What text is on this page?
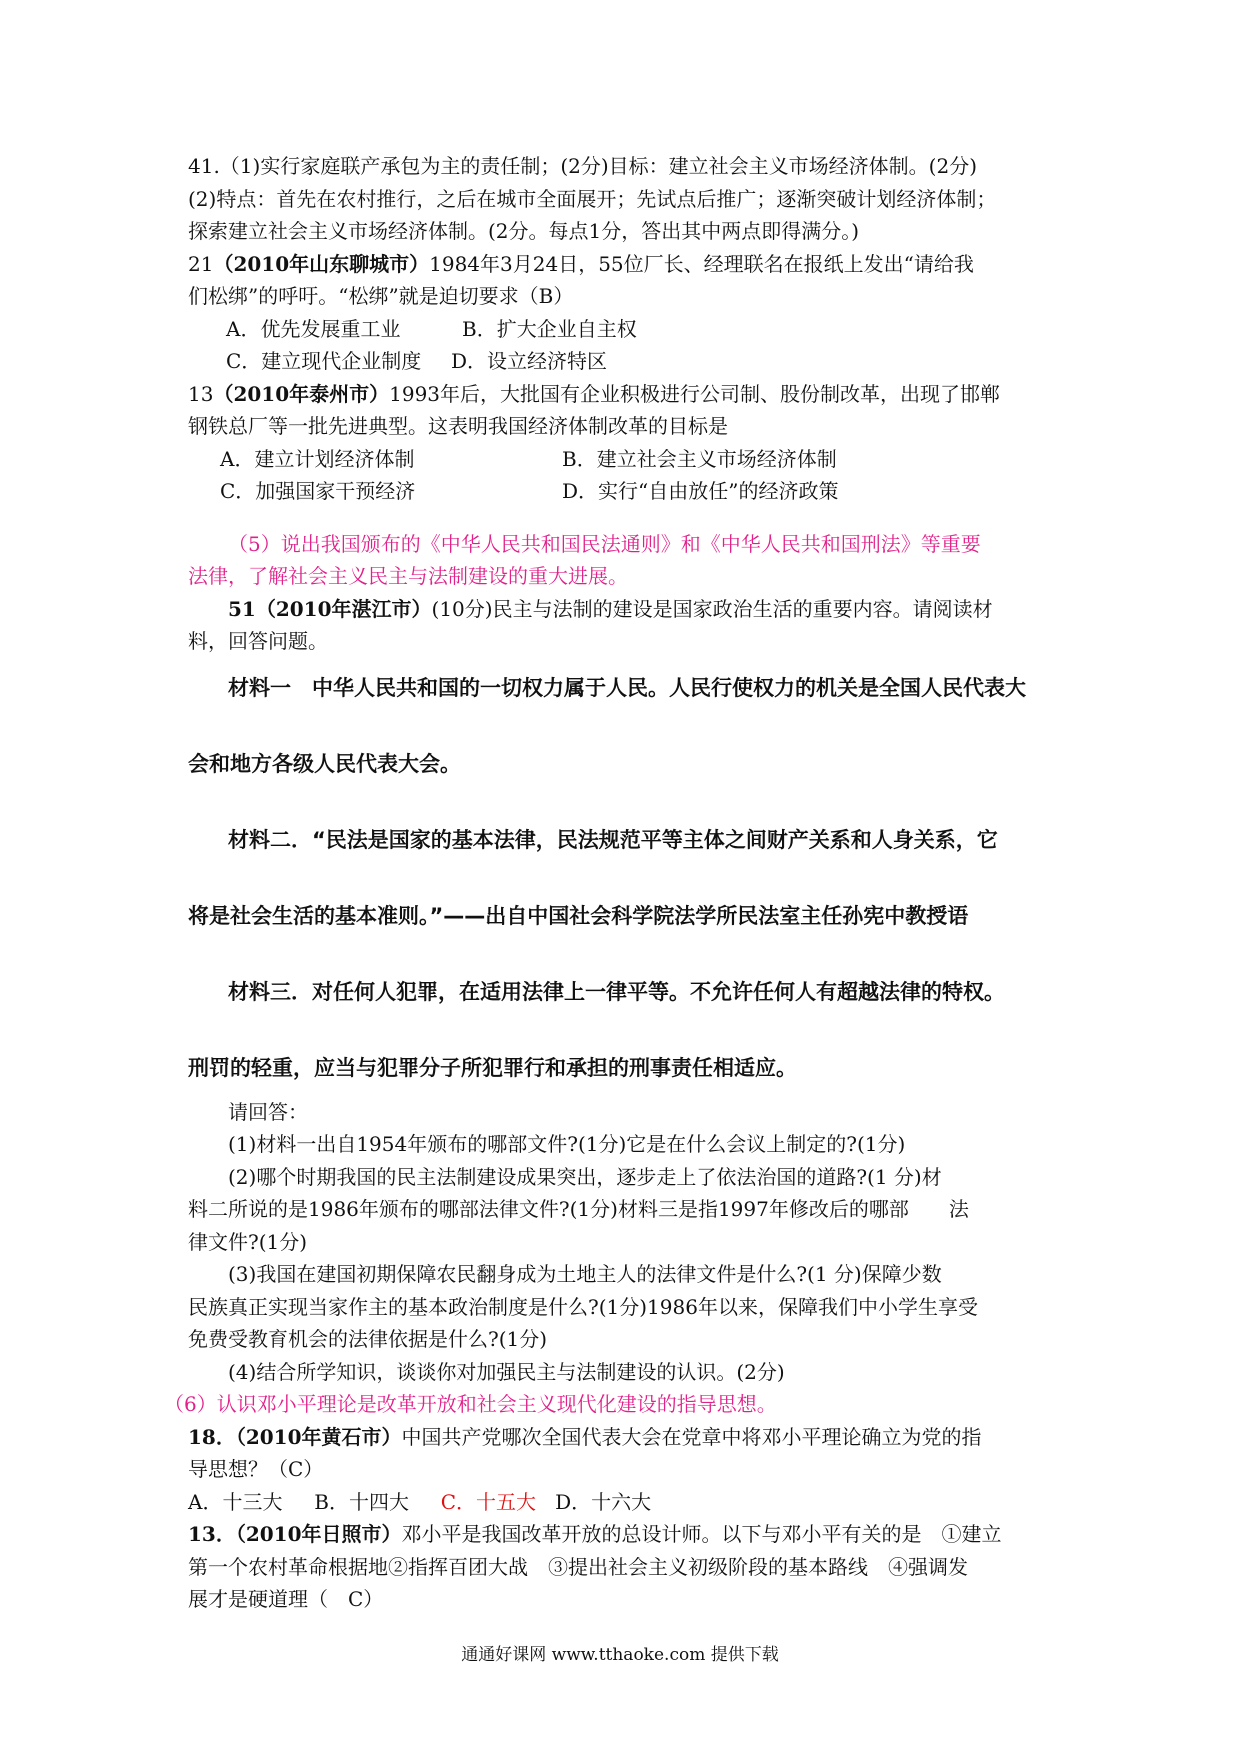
41.（1)实行家庭联产承包为主的责任制；(2分)目标：建立社会主义市场经济体制。(2分)
(2)特点：首先在农村推行，之后在城市全面展开；先试点后推广；逐渐突破计划经济体制；
探索建立社会主义市场经济体制。(2分。每点1分，答出其中两点即得满分。)
21（2010年山东聊城市）1984年3月24日，55位厂长、经理联名在报纸上发出“请给我
们松绑”的呼吁。“松绑”就是迫切要求（B）
A．优先发展重工业	B．扩大企业自主权
C．建立现代企业制度	D．设立经济特区
13（2010年泰州市）1993年后，大批国有企业积极进行公司制、股份制改革，出现了邯郸
钢铁总厂等一批先进典型。这表明我国经济体制改革的目标是
A．建立计划经济体制	B．建立社会主义市场经济体制
C．加强国家干预经济	D．实行“自由放任”的经济政策
（5）说出我国颁布的《中华人民共和国民法通则》和《中华人民共和国刑法》等重要
法律，了解社会主义民主与法制建设的重大进展。
51（2010年湛江市）(10分)民主与法制的建设是国家政治生活的重要内容。请阅读材
料，回答问题。
材料一　中华人民共和国的一切权力属于人民。人民行使权力的机关是全国人民代表大
会和地方各级人民代表大会。
材料二．“民法是国家的基本法律，民法规范平等主体之间财产关系和人身关系，它
将是社会生活的基本准则。”——出自中国社会科学院法学所民法室主任孙宪中教授语
材料三．对任何人犯罪，在适用法律上一律平等。不允许任何人有超越法律的特权。
刑罚的轻重，应当与犯罪分子所犯罪行和承担的刑事责任相适应。
请回答：
(1)材料一出自1954年颁布的哪部文件?(1分)它是在什么会议上制定的?(1分)
(2)哪个时期我国的民主法制建设成果突出，逐步走上了依法治国的道路?(1 分)材
料二所说的是1986年颁布的哪部法律文件?(1分)材料三是指1997年修改后的哪部 法
律文件?(1分)
(3)我国在建国初期保障农民翻身成为土地主人的法律文件是什么?(1 分)保障少数
民族真正实现当家作主的基本政治制度是什么?(1分)1986年以来，保障我们中小学生享受
免费受教育机会的法律依据是什么?(1分)
(4)结合所学知识，谈谈你对加强民主与法制建设的认识。(2分)
（6）认识邓小平理论是改革开放和社会主义现代化建设的指导思想。
18．（2010年黄石市）中国共产党哪次全国代表大会在党章中将邓小平理论确立为党的指
导思想？（C）
A．十三大 B．十四大 C．十五大 D．十六大
13．（2010年日照市）邓小平是我国改革开放的总设计师。以下与邓小平有关的是　①建立
第一个农村革命根据地②指挥百团大战　③提出社会主义初级阶段的基本路线　④强调发
展才是硬道理（　C）
通通好课网 www.tthaoke.com 提供下载
